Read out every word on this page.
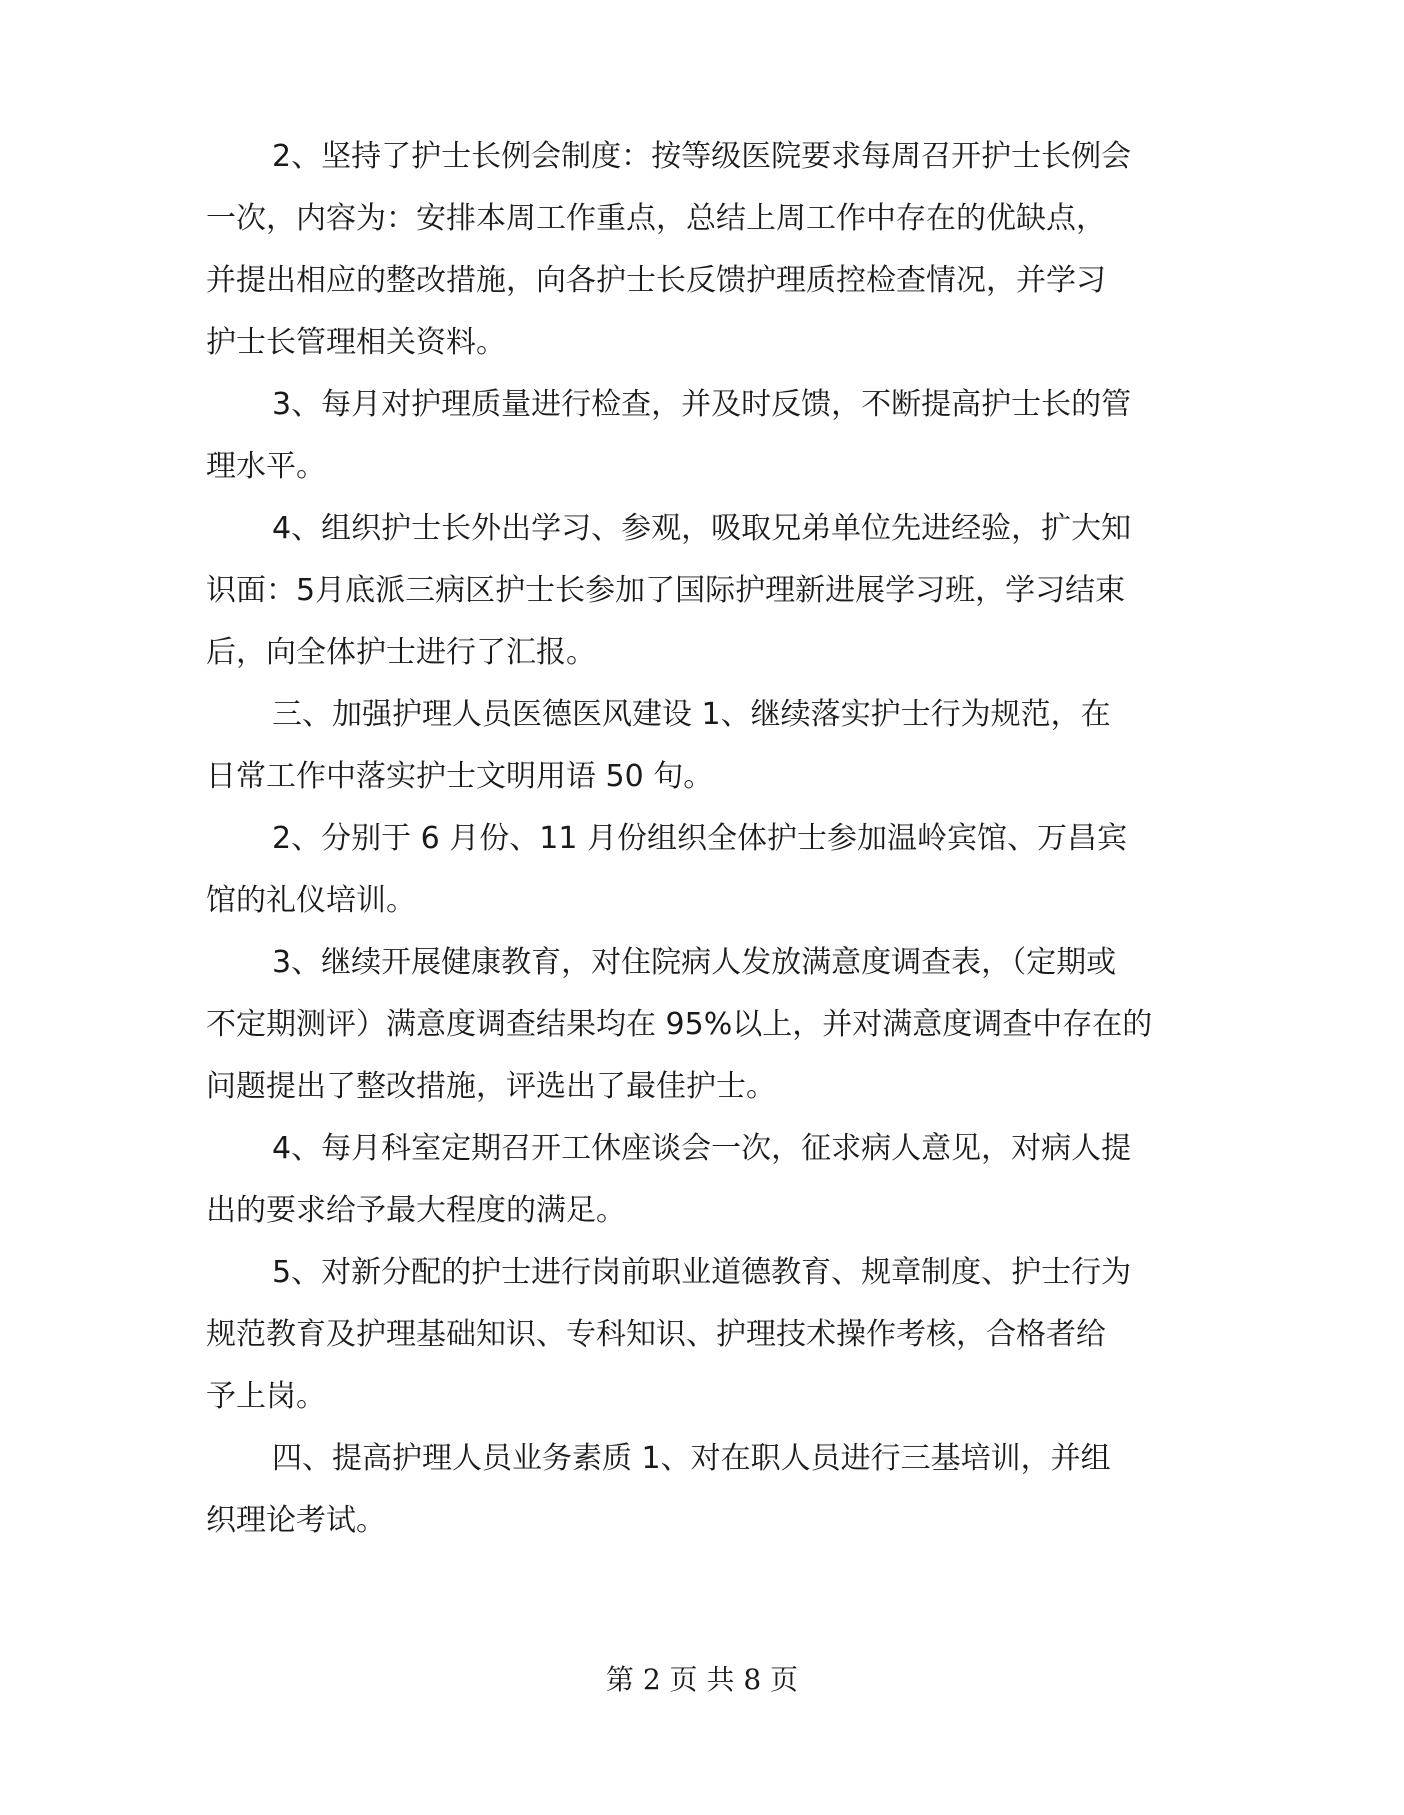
2、坚持了护士长例会制度：按等级医院要求每周召开护士长例会
一次，内容为：安排本周工作重点，总结上周工作中存在的优缺点，
并提出相应的整改措施，向各护士长反馈护理质控检查情况，并学习
护士长管理相关资料。

3、每月对护理质量进行检查，并及时反馈，不断提高护士长的管
理水平。

4、组织护士长外出学习、参观，吸取兄弟单位先进经验，扩大知
识面：5月底派三病区护士长参加了国际护理新进展学习班，学习结束
后，向全体护士进行了汇报。

三、加强护理人员医德医风建设 1、继续落实护士行为规范，在
日常工作中落实护士文明用语 50 句。

2、分别于 6 月份、11 月份组织全体护士参加温岭宾馆、万昌宾
馆的礼仪培训。

3、继续开展健康教育，对住院病人发放满意度调查表，（定期或
不定期测评）满意度调查结果均在 95%以上，并对满意度调查中存在的
问题提出了整改措施，评选出了最佳护士。

4、每月科室定期召开工休座谈会一次，征求病人意见，对病人提
出的要求给予最大程度的满足。

5、对新分配的护士进行岗前职业道德教育、规章制度、护士行为
规范教育及护理基础知识、专科知识、护理技术操作考核，合格者给
予上岗。

四、提高护理人员业务素质 1、对在职人员进行三基培训，并组
织理论考试。

第 2 页 共 8 页
